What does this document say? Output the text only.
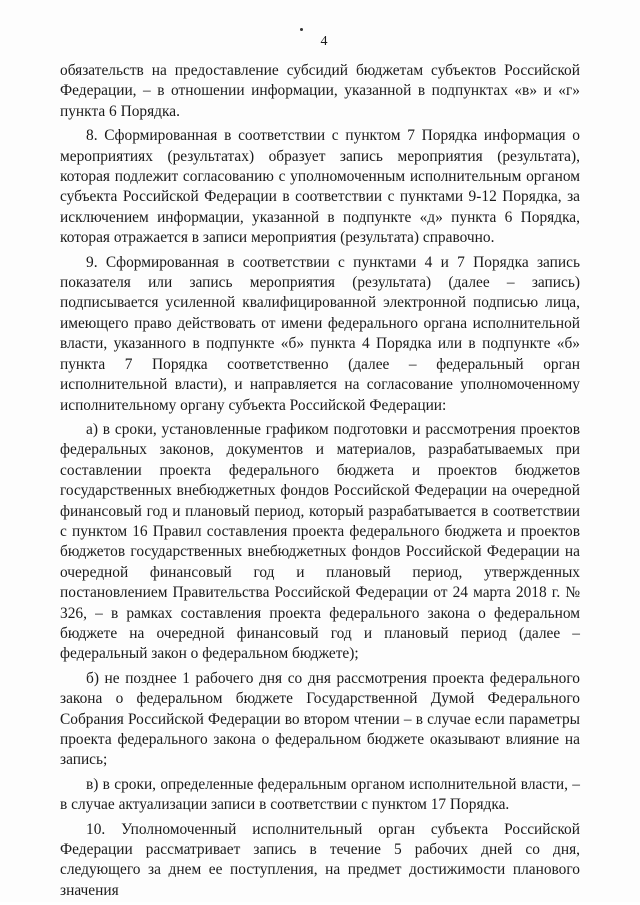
4

обязательств на предоставление субсидий бюджетам субъектов Российской Федерации, – в отношении информации, указанной в подпунктах «в» и «г» пункта 6 Порядка.

8. Сформированная в соответствии с пунктом 7 Порядка информация о мероприятиях (результатах) образует запись мероприятия (результата), которая подлежит согласованию с уполномоченным исполнительным органом субъекта Российской Федерации в соответствии с пунктами 9-12 Порядка, за исключением информации, указанной в подпункте «д» пункта 6 Порядка, которая отражается в записи мероприятия (результата) справочно.

9. Сформированная в соответствии с пунктами 4 и 7 Порядка запись показателя или запись мероприятия (результата) (далее – запись) подписывается усиленной квалифицированной электронной подписью лица, имеющего право действовать от имени федерального органа исполнительной власти, указанного в подпункте «б» пункта 4 Порядка или в подпункте «б» пункта 7 Порядка соответственно (далее – федеральный орган исполнительной власти), и направляется на согласование уполномоченному исполнительному органу субъекта Российской Федерации:

а) в сроки, установленные графиком подготовки и рассмотрения проектов федеральных законов, документов и материалов, разрабатываемых при составлении проекта федерального бюджета и проектов бюджетов государственных внебюджетных фондов Российской Федерации на очередной финансовый год и плановый период, который разрабатывается в соответствии с пунктом 16 Правил составления проекта федерального бюджета и проектов бюджетов государственных внебюджетных фондов Российской Федерации на очередной финансовый год и плановый период, утвержденных постановлением Правительства Российской Федерации от 24 марта 2018 г. № 326, – в рамках составления проекта федерального закона о федеральном бюджете на очередной финансовый год и плановый период (далее – федеральный закон о федеральном бюджете);

б) не позднее 1 рабочего дня со дня рассмотрения проекта федерального закона о федеральном бюджете Государственной Думой Федерального Собрания Российской Федерации во втором чтении – в случае если параметры проекта федерального закона о федеральном бюджете оказывают влияние на запись;

в) в сроки, определенные федеральным органом исполнительной власти, – в случае актуализации записи в соответствии с пунктом 17 Порядка.

10. Уполномоченный исполнительный орган субъекта Российской Федерации рассматривает запись в течение 5 рабочих дней со дня, следующего за днем ее поступления, на предмет достижимости планового значения
